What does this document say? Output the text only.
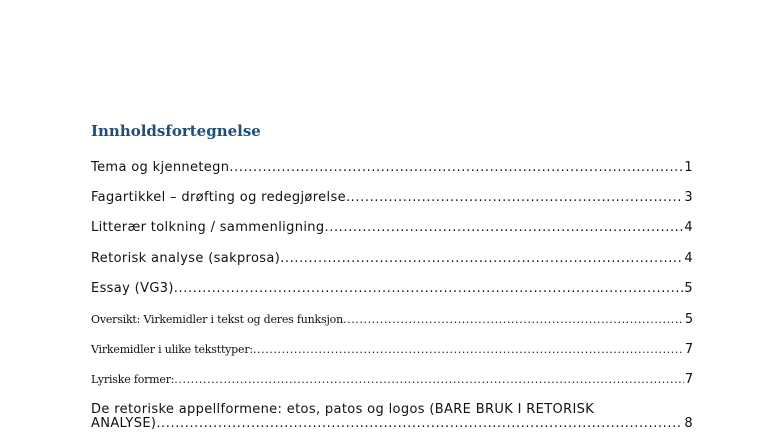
Innholdsfortegnelse
Tema og kjennetegn .....	1
Fagartikkel – drøfting og redegjørelse .....	3
Litterær tolkning / sammenligning .....	4
Retorisk analyse (sakprosa) .....	4
Essay (VG3) .....	5
Oversikt: Virkemidler i tekst og deres funksjon .....	5
Virkemidler i ulike teksttyper: .....	7
Lyriske former: .....	7
De retoriske appellformene: etos, patos og logos (BARE BRUK I RETORISK
ANALYSE) .....	8
